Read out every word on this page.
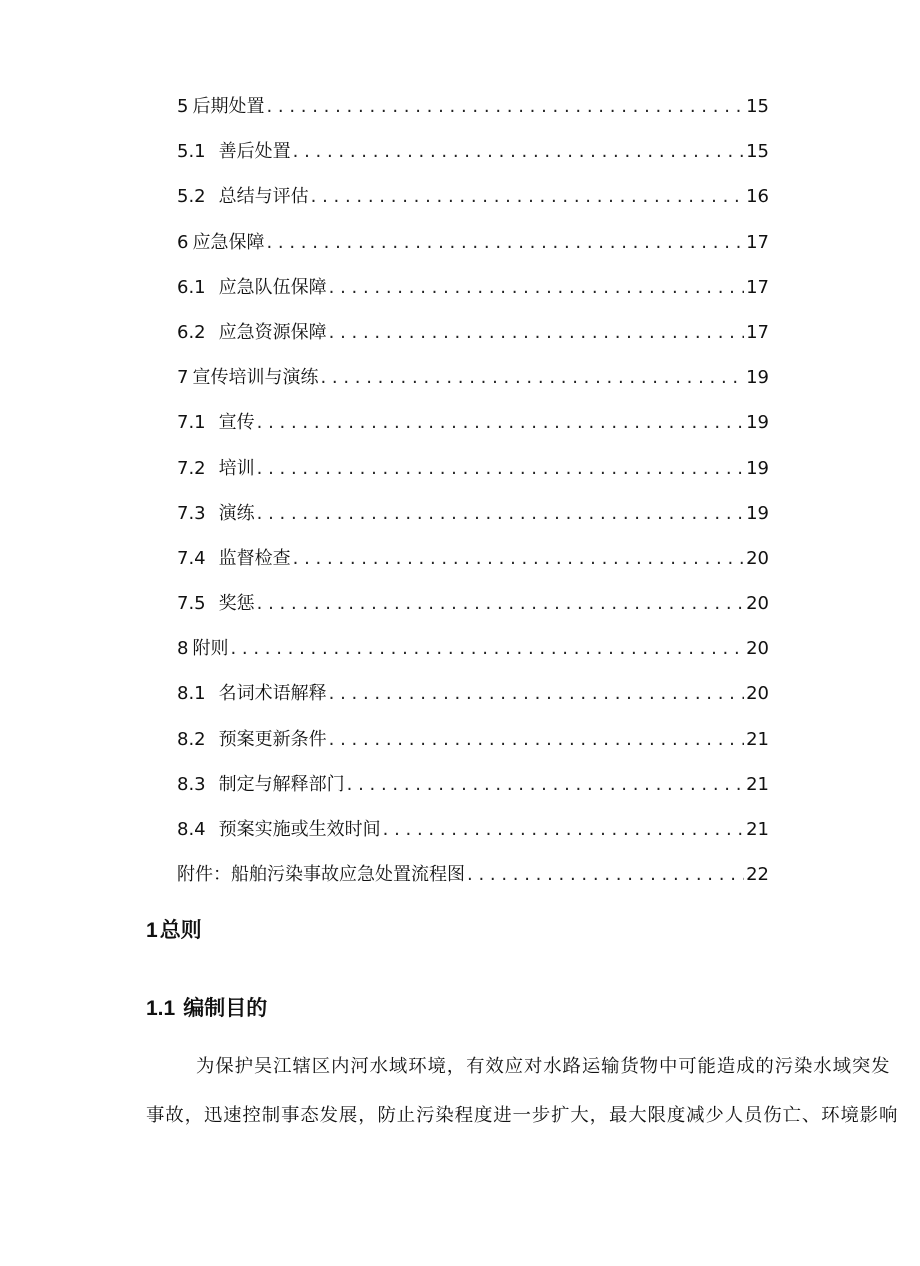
5 后期处置 . . .	15
5.1 善后处置 . . .	15
5.2 总结与评估 . . .	16
6 应急保障 . . .	17
6.1 应急队伍保障 . . .	17
6.2 应急资源保障 . . .	17
7 宣传培训与演练 . . .	19
7.1 宣传 . . .	19
7.2 培训 . . .	19
7.3 演练 . . .	19
7.4 监督检查 . . .	20
7.5 奖惩 . . .	20
8 附则 . . .	20
8.1 名词术语解释 . . .	20
8.2 预案更新条件 . . .	21
8.3 制定与解释部门 . . .	21
8.4 预案实施或生效时间 . . .	21
附件：船舶污染事故应急处置流程图 . . .	22
1总则
1.1 编制目的

为保护吴江辖区内河水域环境，有效应对水路运输货物中可能造成的污染水域突发
事故，迅速控制事态发展，防止污染程度进一步扩大，最大限度减少人员伤亡、环境影响
